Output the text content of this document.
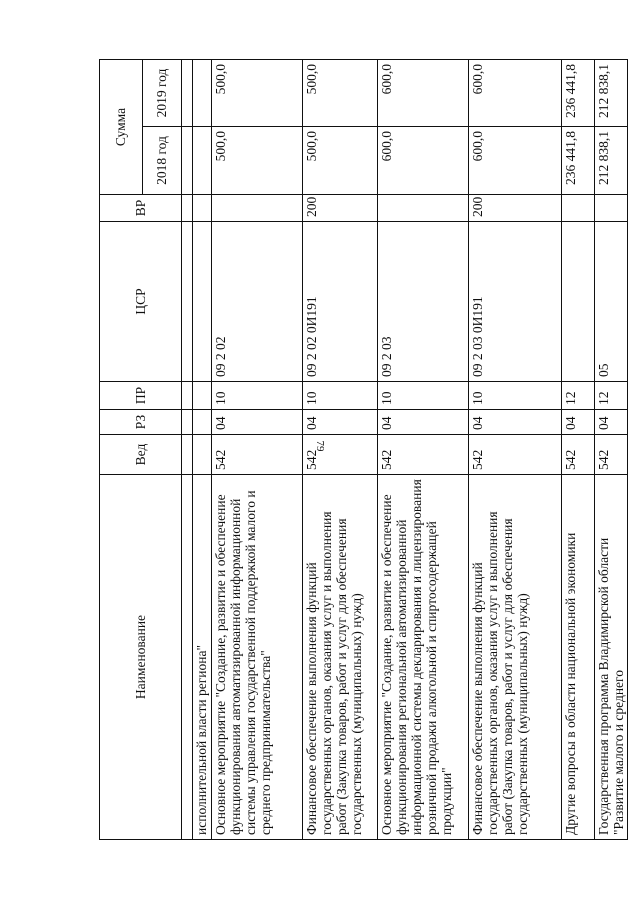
79
Наименование	Вед	РЗ	ПР	ЦСР	ВР	Сумма	
						2018 год	2019 год

исполнительной власти региона"							
Основное мероприятие "Создание, развитие и обеспечение функционирования автоматизированной информационной системы управления государственной поддержкой малого и среднего предпринимательства"	542	04	10	09 2 02		500,0	500,0
Финансовое обеспечение выполнения функций государственных органов, оказания услуг и выполнения работ (Закупка товаров, работ и услуг для обеспечения государственных (муниципальных) нужд)	542	04	10	09 2 02 0И191	200	500,0	500,0
Основное мероприятие "Создание, развитие и обеспечение функционирования региональной автоматизированной информационной системы декларирования и лицензирования розничной продажи алкогольной и спиртосодержащей продукции"	542	04	10	09 2 03		600,0	600,0
Финансовое обеспечение выполнения функций государственных органов, оказания услуг и выполнения работ (Закупка товаров, работ и услуг для обеспечения государственных (муниципальных) нужд)	542	04	10	09 2 03 0И191	200	600,0	600,0
Другие вопросы в области национальной экономики	542	04	12			236 441,8	236 441,8
Государственная программа Владимирской области "Развитие малого и среднего	542	04	12	05		212 838,1	212 838,1
